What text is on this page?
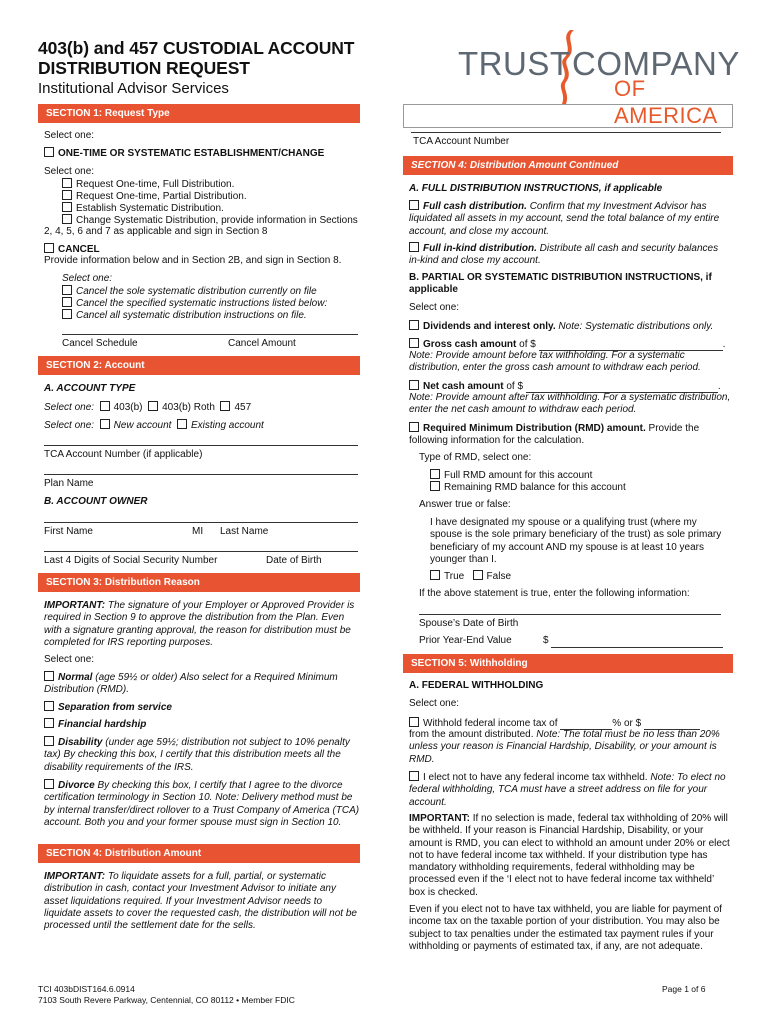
403(b) and 457 CUSTODIAL ACCOUNT
DISTRIBUTION REQUEST
Institutional Advisor Services
TRUST COMPANY
OF AMERICA
SECTION 1: Request Type
Select one:
ONE-TIME OR SYSTEMATIC ESTABLISHMENT/CHANGE
Select one:
Request One-time, Full Distribution.
Request One-time, Partial Distribution.
Establish Systematic Distribution.
Change Systematic Distribution, provide information in Sections
2, 4, 5, 6 and 7 as applicable and sign in Section 8
CANCEL
Provide information below and in Section 2B, and sign in Section 8.
Select one:
Cancel the sole systematic distribution currently on file
Cancel the specified systematic instructions listed below:
Cancel all systematic distribution instructions on file.
Cancel Schedule	Cancel Amount
SECTION 2: Account
A. ACCOUNT TYPE
Select one: 403(b) 403(b) Roth 457
Select one: New account Existing account
TCA Account Number (if applicable)
Plan Name
B. ACCOUNT OWNER
First Name	MI Last Name
Last 4 Digits of Social Security Number	Date of Birth
SECTION 3: Distribution Reason
IMPORTANT: The signature of your Employer or Approved Provider is required in Section 9 to approve the distribution from the Plan. Even with a signature granting approval, the reason for distribution must be completed for IRS reporting purposes.
Select one:
Normal (age 59½ or older) Also select for a Required Minimum Distribution (RMD).
Separation from service
Financial hardship
Disability (under age 59½; distribution not subject to 10% penalty tax) By checking this box, I certify that this distribution meets all the disability requirements of the IRS.
Divorce By checking this box, I certify that I agree to the divorce certification terminology in Section 10. Note: Delivery method must be by internal transfer/direct rollover to a Trust Company of America (TCA) account. Both you and your former spouse must sign in Section 10.
SECTION 4: Distribution Amount
IMPORTANT: To liquidate assets for a full, partial, or systematic distribution in cash, contact your Investment Advisor to initiate any asset liquidations required. If your Investment Advisor needs to liquidate assets to cover the requested cash, the distribution will not be processed until the settlement date for the sells.
TCA Account Number
SECTION 4: Distribution Amount Continued
A. FULL DISTRIBUTION INSTRUCTIONS, if applicable
Full cash distribution. Confirm that my Investment Advisor has liquidated all assets in my account, send the total balance of my entire account, and close my account.
Full in-kind distribution. Distribute all cash and security balances in-kind and close my account.
B. PARTIAL OR SYSTEMATIC DISTRIBUTION INSTRUCTIONS, if applicable
Select one:
Dividends and interest only. Note: Systematic distributions only.
Gross cash amount of $	.
Note: Provide amount before tax withholding. For a systematic distribution, enter the gross cash amount to withdraw each period.
Net cash amount of $	.
Note: Provide amount after tax withholding. For a systematic distribution, enter the net cash amount to withdraw each period.
Required Minimum Distribution (RMD) amount. Provide the following information for the calculation.
Type of RMD, select one:
Full RMD amount for this account
Remaining RMD balance for this account
Answer true or false:
I have designated my spouse or a qualifying trust (where my spouse is the sole primary beneficiary of the trust) as sole primary beneficiary of my account AND my spouse is at least 10 years younger than I.
True False
If the above statement is true, enter the following information:
Spouse’s Date of Birth
Prior Year-End Value	$
SECTION 5: Withholding
A. FEDERAL WITHHOLDING
Select one:
Withhold federal income tax of	% or $
from the amount distributed. Note: The total must be no less than 20% unless your reason is Financial Hardship, Disability, or your amount is RMD.
I elect not to have any federal income tax withheld. Note: To elect no federal withholding, TCA must have a street address on file for your account.
IMPORTANT: If no selection is made, federal tax withholding of 20% will be withheld. If your reason is Financial Hardship, Disability, or your amount is RMD, you can elect to withhold an amount under 20% or elect not to have federal income tax withheld. If your distribution type has mandatory withholding requirements, federal withholding may be processed even if the ‘I elect not to have federal income tax withheld’ box is checked.
Even if you elect not to have tax withheld, you are liable for payment of income tax on the taxable portion of your distribution. You may also be subject to tax penalties under the estimated tax payment rules if your withholding or payments of estimated tax, if any, are not adequate.
TCI 403bDIST164.6.0914
7103 South Revere Parkway, Centennial, CO 80112 • Member FDIC
Page 1 of 6
